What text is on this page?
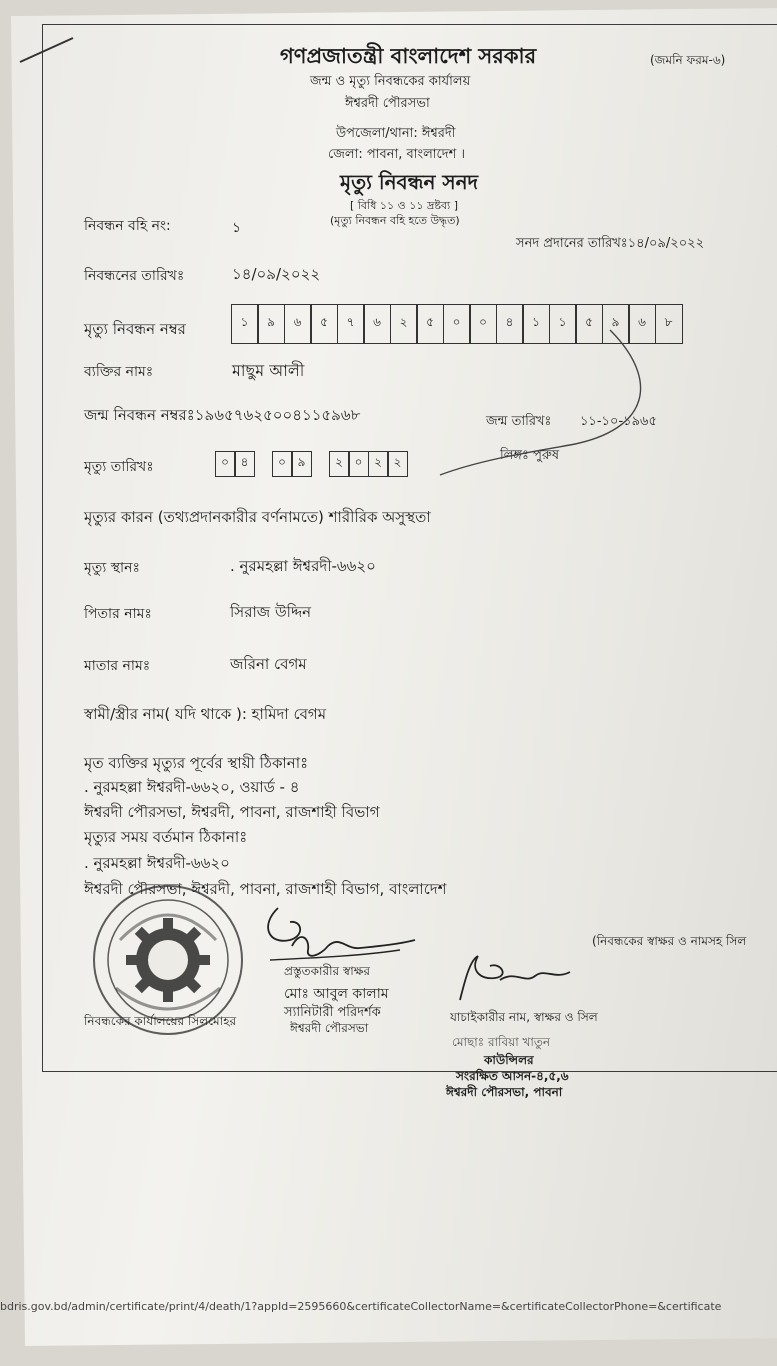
গণপ্রজাতন্ত্রী বাংলাদেশ সরকার	(জমনি ফরম-৬)
জন্ম ও মৃত্যু নিবন্ধকের কার্যালয়
ঈশ্বরদী পৌরসভা
উপজেলা/থানা: ঈশ্বরদী
জেলা: পাবনা, বাংলাদেশ ।
মৃত্যু নিবন্ধন সনদ
[ বিধি ১১ ও ১১ দ্রষ্টব্য ]
(মৃত্যু নিবন্ধন বহি হতে উদ্ধৃত)
নিবন্ধন বহি নং:	১
সনদ প্রদানের তারিখঃ১৪/০৯/২০২২
নিবন্ধনের তারিখঃ	১৪/০৯/২০২২
মৃত্যু নিবন্ধন নম্বর	১	৯	৬	৫	৭	৬	২	৫	০	০	৪	১	১	৫	৯	৬	৮
ব্যক্তির নামঃ	মাছুম আলী
জন্ম নিবন্ধন নম্বরঃ১৯৬৫৭৬২৫০০৪১১৫৯৬৮	জন্ম তারিখঃ ১১-১০-১৯৬৫
মৃত্যু তারিখঃ	০ ৪	০ ৯	২ ০ ২ ২	লিঙ্গঃ পুরুষ
মৃত্যুর কারন (তথ্যপ্রদানকারীর বর্ণনামতে) শারীরিক অসুস্থতা
মৃত্যু স্থানঃ	. নুরমহল্লা ঈশ্বরদী-৬৬২০
পিতার নামঃ	সিরাজ উদ্দিন
মাতার নামঃ	জরিনা বেগম
স্বামী/স্ত্রীর নাম( যদি থাকে ): হামিদা বেগম
মৃত ব্যক্তির মৃত্যুর পূর্বের স্থায়ী ঠিকানাঃ
. নুরমহল্লা ঈশ্বরদী-৬৬২০, ওয়ার্ড - ৪
ঈশ্বরদী পৌরসভা, ঈশ্বরদী, পাবনা, রাজশাহী বিভাগ
মৃত্যুর সময় বর্তমান ঠিকানাঃ
. নুরমহল্লা ঈশ্বরদী-৬৬২০
ঈশ্বরদী পৌরসভা, ঈশ্বরদী, পাবনা, রাজশাহী বিভাগ, বাংলাদেশ
(নিবন্ধকের স্বাক্ষর ও নামসহ সিল
প্রস্তুতকারীর স্বাক্ষর
মোঃ আবুল কালাম
স্যানিটারী পরিদর্শক
ঈশ্বরদী পৌরসভা
যাচাইকারীর নাম, স্বাক্ষর ও সিল
নিবন্ধকের কার্যালয়ের সিলমোহর
মোছাঃ রাবিয়া খাতুন
কাউন্সিলর
সংরক্ষিত আসন-৪,৫,৬
ঈশ্বরদী পৌরসভা, পাবনা
bdris.gov.bd/admin/certificate/print/4/death/1?appId=2595660&certificateCollectorName=&certificateCollectorPhone=&certificate
